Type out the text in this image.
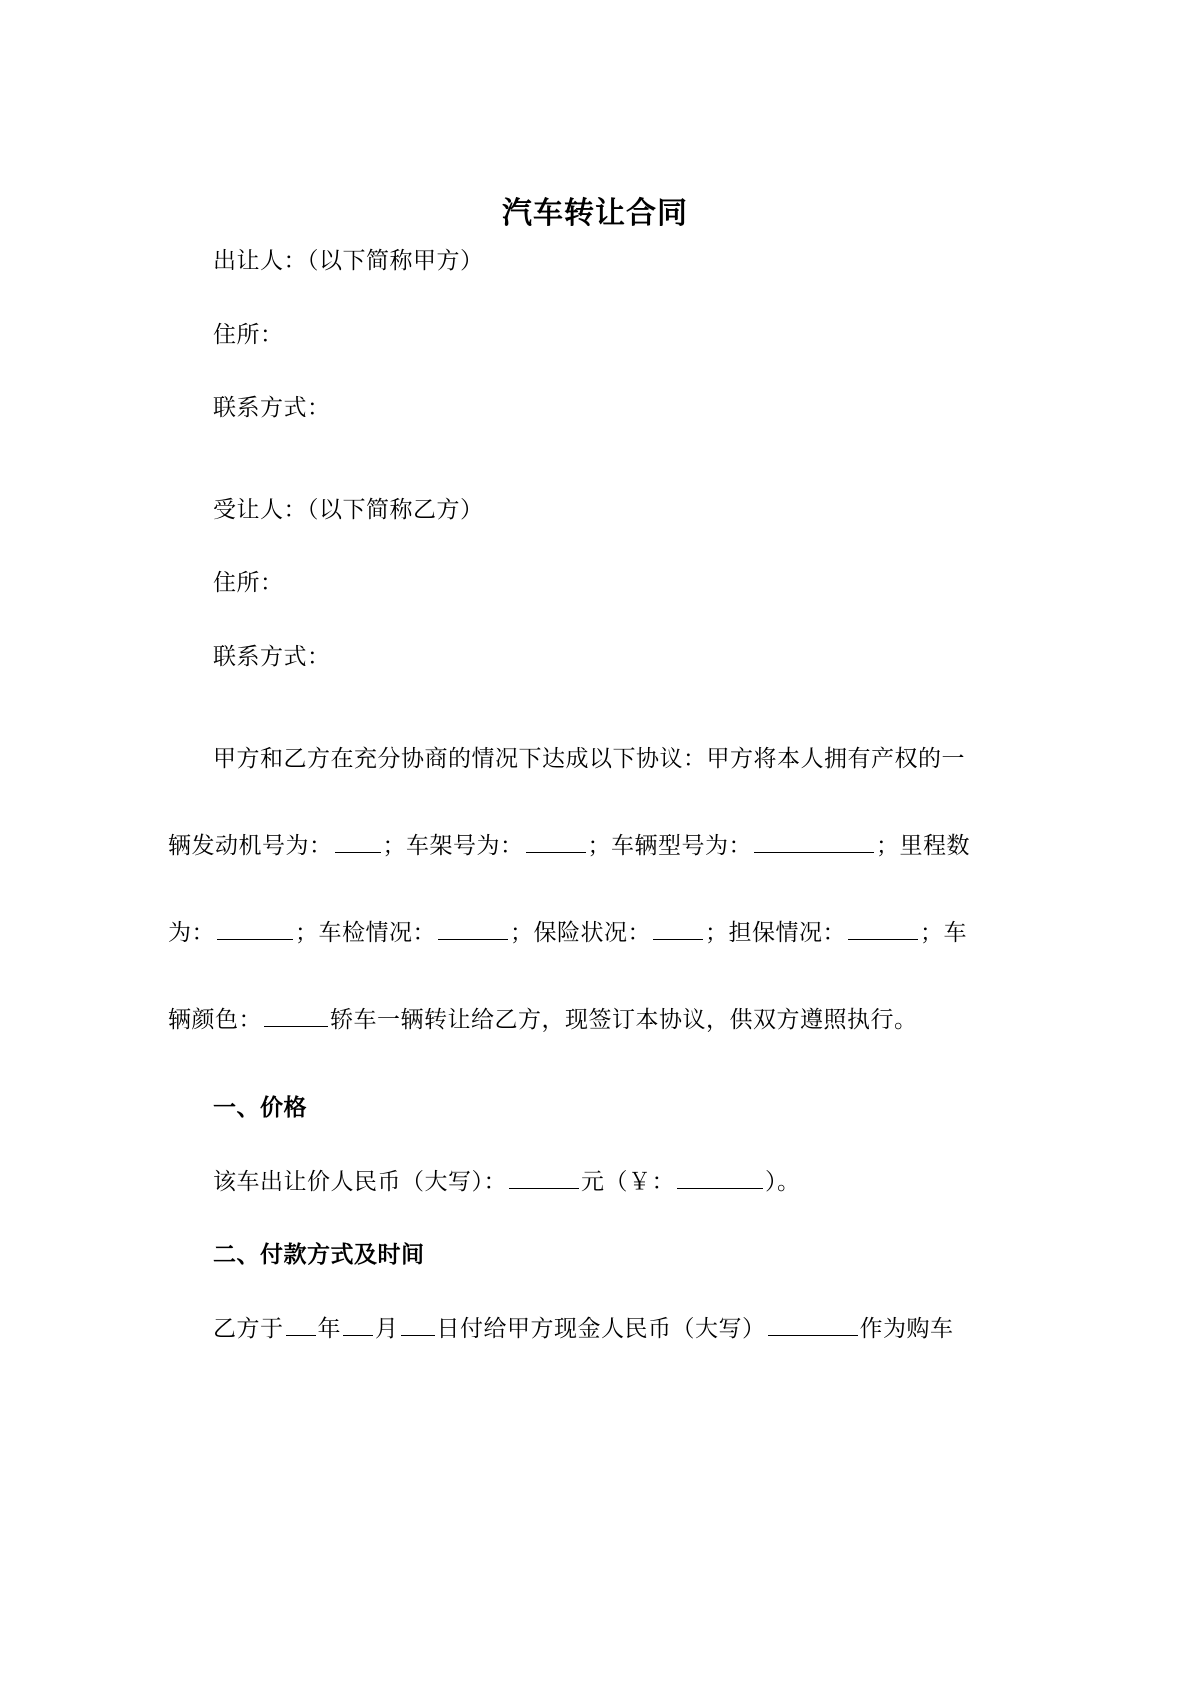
汽车转让合同
出让人：（以下简称甲方）
住所：
联系方式：
受让人：（以下简称乙方）
住所：
联系方式：
甲方和乙方在充分协商的情况下达成以下协议：甲方将本人拥有产权的一
辆发动机号为： ；车架号为：	；车辆型号为：	；里程数
为：	；车检情况：	；保险状况： ；担保情况：	；车
辆颜色：	轿车一辆转让给乙方，现签订本协议，供双方遵照执行。
一、价格
该车出让价人民币（大写）：	元（￥：	）。
二、付款方式及时间
乙方于 年 月 日付给甲方现金人民币（大写）	作为购车
